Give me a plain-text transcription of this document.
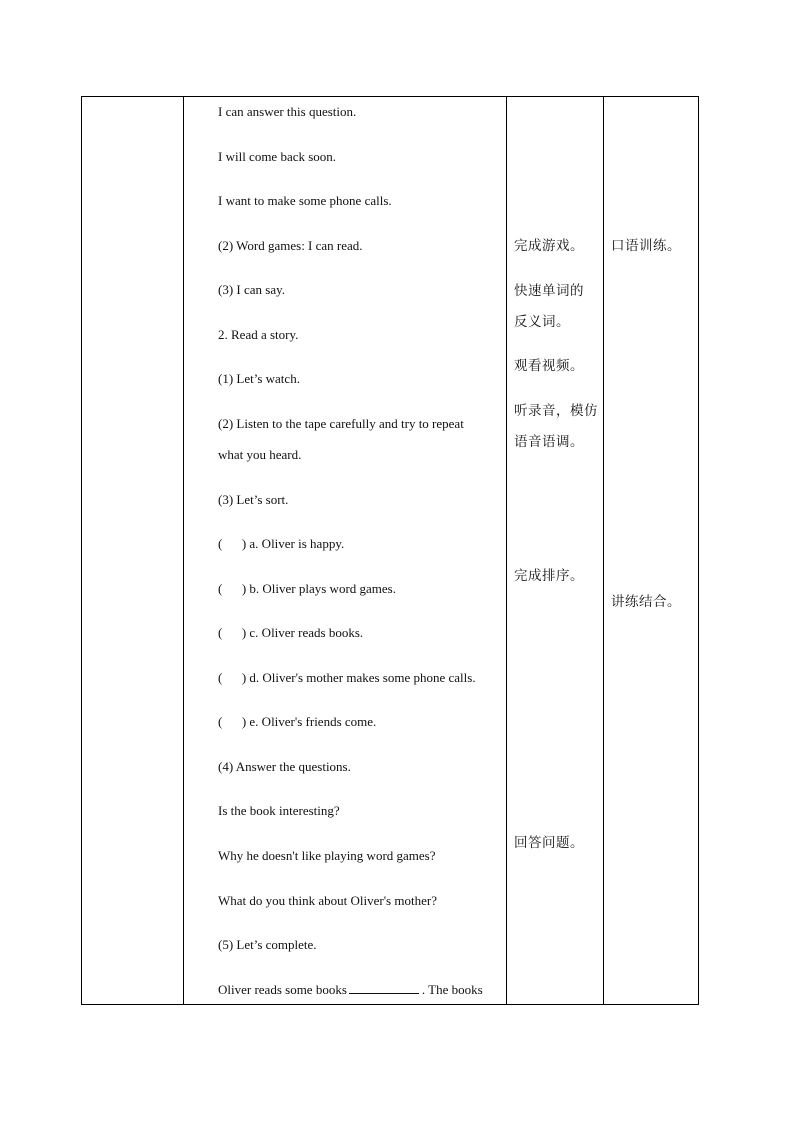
I can answer this question.
I will come back soon.
I want to make some phone calls.
(2) Word games: I can read.
(3) I can say.
2. Read a story.
(1) Let’s watch.
(2) Listen to the tape carefully and try to repeat
what you heard.
(3) Let’s sort.
(      ) a. Oliver is happy.
(      ) b. Oliver plays word games.
(      ) c. Oliver reads books.
(      ) d. Oliver's mother makes some phone calls.
(      ) e. Oliver's friends come.
(4) Answer the questions.
Is the book interesting?
Why he doesn't like playing word games?
What do you think about Oliver's mother?
(5) Let’s complete.
Oliver reads some books	. The books
完成游戏。
快速单词的
反义词。
观看视频。
听录音，模仿
语音语调。
完成排序。
回答问题。
口语训练。
讲练结合。
